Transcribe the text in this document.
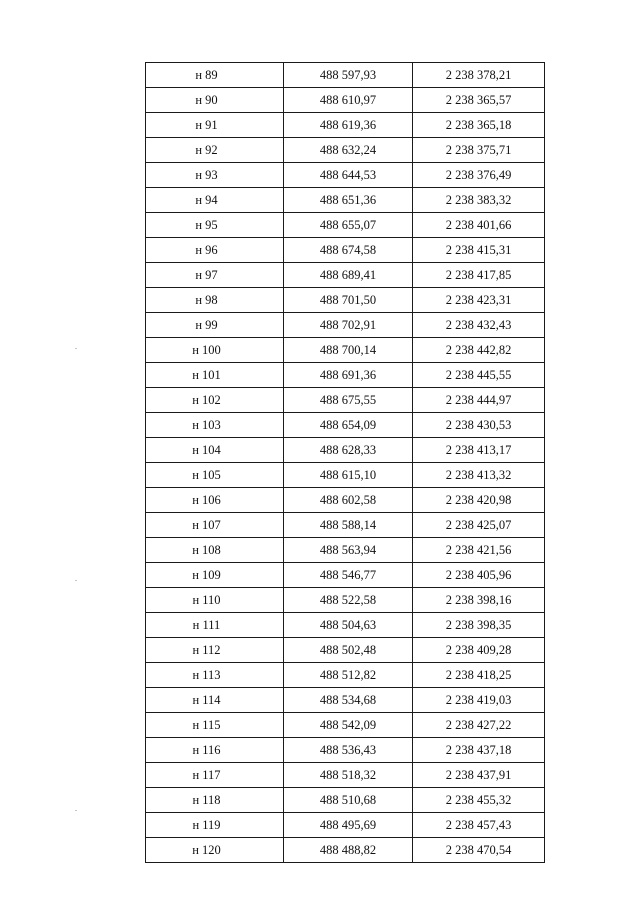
н 89	488 597,93	2 238 378,21
н 90	488 610,97	2 238 365,57
н 91	488 619,36	2 238 365,18
н 92	488 632,24	2 238 375,71
н 93	488 644,53	2 238 376,49
н 94	488 651,36	2 238 383,32
н 95	488 655,07	2 238 401,66
н 96	488 674,58	2 238 415,31
н 97	488 689,41	2 238 417,85
н 98	488 701,50	2 238 423,31
н 99	488 702,91	2 238 432,43
н 100	488 700,14	2 238 442,82
н 101	488 691,36	2 238 445,55
н 102	488 675,55	2 238 444,97
н 103	488 654,09	2 238 430,53
н 104	488 628,33	2 238 413,17
н 105	488 615,10	2 238 413,32
н 106	488 602,58	2 238 420,98
н 107	488 588,14	2 238 425,07
н 108	488 563,94	2 238 421,56
н 109	488 546,77	2 238 405,96
н 110	488 522,58	2 238 398,16
н 111	488 504,63	2 238 398,35
н 112	488 502,48	2 238 409,28
н 113	488 512,82	2 238 418,25
н 114	488 534,68	2 238 419,03
н 115	488 542,09	2 238 427,22
н 116	488 536,43	2 238 437,18
н 117	488 518,32	2 238 437,91
н 118	488 510,68	2 238 455,32
н 119	488 495,69	2 238 457,43
н 120	488 488,82	2 238 470,54
